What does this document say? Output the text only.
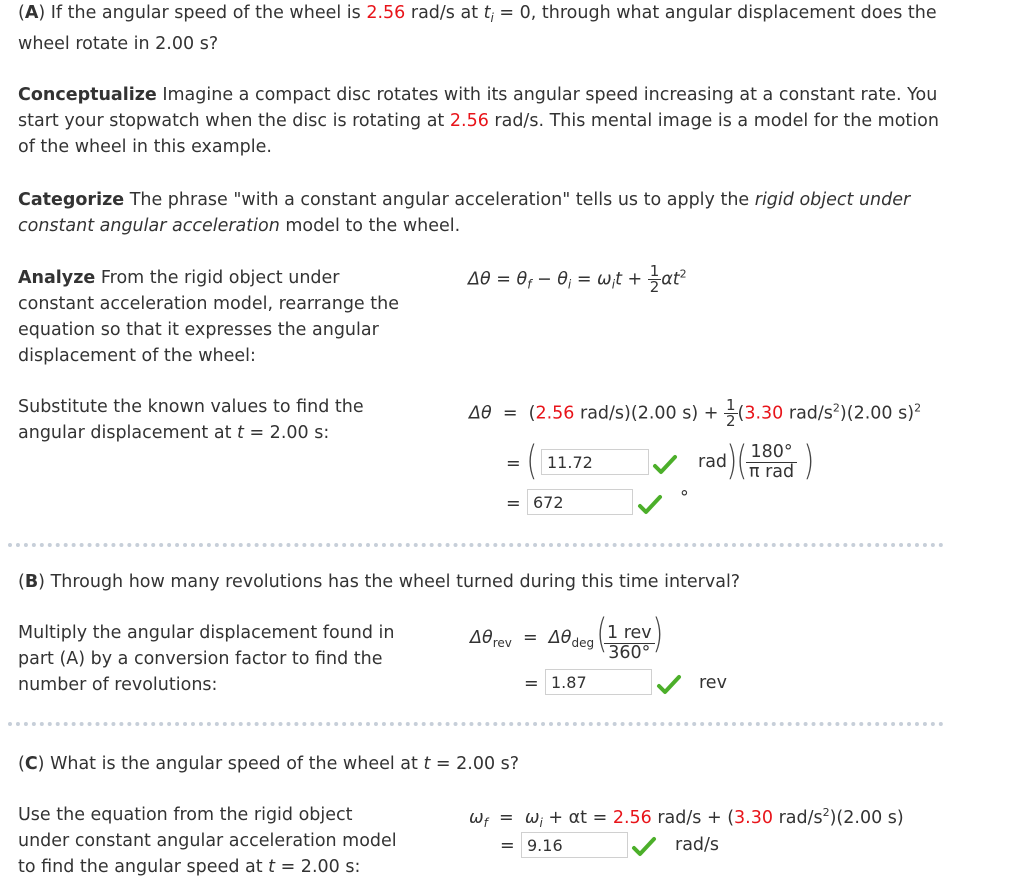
(A) If the angular speed of the wheel is 2.56 rad/s at $t_i = 0$, through what angular displacement does the
wheel rotate in 2.00 s?
Conceptualize Imagine a compact disc rotates with its angular speed increasing at a constant rate. You
start your stopwatch when the disc is rotating at 2.56 rad/s. This mental image is a model for the motion
of the wheel in this example.
Categorize The phrase "with a constant angular acceleration" tells us to apply the rigid object under
constant angular acceleration model to the wheel.
Analyze From the rigid object under
constant acceleration model, rearrange the
equation so that it expresses the angular
displacement of the wheel:
$\Delta\theta = \theta_f - \theta_i = \omega_it + \frac{1}{2} \alpha t^2$
Substitute the known values to find the
angular displacement at t = 2.00 s:
Δθ = (2.56 rad/s)(2.00 $s) + \frac{1}{2} (3.30$ rad/$s^2)(2.00$ s)$^2$
= ( 11.72	rad ) (
$\frac{180^\circ}{\text{π rad}}$ )
= 672	°
(B) Through how many revolutions has the wheel turned during this time interval?
Multiply the angular displacement found in
part (A) by a conversion factor to find the
number of revolutions:
$\Delta\theta_{rev} = \Delta\theta_{deg}$ (
$\frac{\text{1 rev}}{360^\circ}$
)
= 1.87	rev
(C) What is the angular speed of the wheel at t = 2.00 s?
Use the equation from the rigid object
under constant angular acceleration model
to find the angular speed at t = 2.00 s:
$\omega_f = \omega_i + \alpha t = 2.56$ rad/s + (3.30 rad/$s^2)(2.00$ s)
= 9.16	rad/s
